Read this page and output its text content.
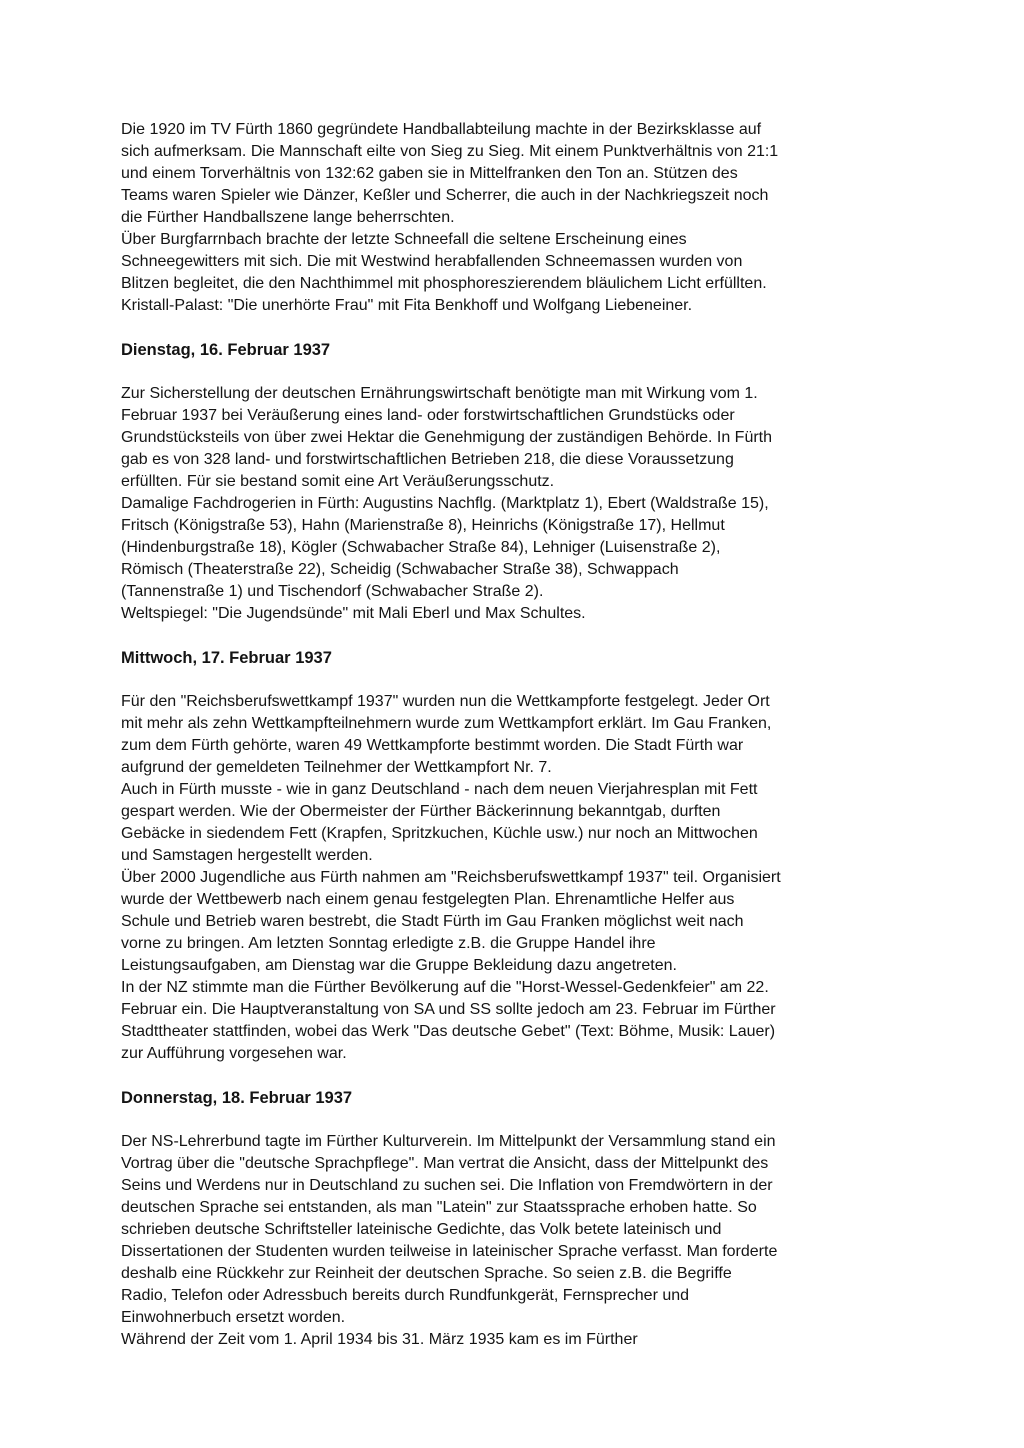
Die 1920 im TV Fürth 1860 gegründete Handballabteilung machte in der Bezirksklasse auf
sich aufmerksam. Die Mannschaft eilte von Sieg zu Sieg. Mit einem Punktverhältnis von 21:1
und einem Torverhältnis von 132:62 gaben sie in Mittelfranken den Ton an. Stützen des
Teams waren Spieler wie Dänzer, Keßler und Scherrer, die auch in der Nachkriegszeit noch
die Fürther Handballszene lange beherrschten.
Über Burgfarrnbach brachte der letzte Schneefall die seltene Erscheinung eines
Schneegewitters mit sich. Die mit Westwind herabfallenden Schneemassen wurden von
Blitzen begleitet, die den Nachthimmel mit phosphoreszierendem bläulichem Licht erfüllten.
Kristall-Palast: "Die unerhörte Frau" mit Fita Benkhoff und Wolfgang Liebeneiner.
Dienstag, 16. Februar 1937
Zur Sicherstellung der deutschen Ernährungswirtschaft benötigte man mit Wirkung vom 1.
Februar 1937 bei Veräußerung eines land- oder forstwirtschaftlichen Grundstücks oder
Grundstücksteils von über zwei Hektar die Genehmigung der zuständigen Behörde. In Fürth
gab es von 328 land- und forstwirtschaftlichen Betrieben 218, die diese Voraussetzung
erfüllten. Für sie bestand somit eine Art Veräußerungsschutz.
Damalige Fachdrogerien in Fürth: Augustins Nachflg. (Marktplatz 1), Ebert (Waldstraße 15),
Fritsch (Königstraße 53), Hahn (Marienstraße 8), Heinrichs (Königstraße 17), Hellmut
(Hindenburgstraße 18), Kögler (Schwabacher Straße 84), Lehniger (Luisenstraße 2),
Römisch (Theaterstraße 22), Scheidig (Schwabacher Straße 38), Schwappach
(Tannenstraße 1) und Tischendorf (Schwabacher Straße 2).
Weltspiegel: "Die Jugendsünde" mit Mali Eberl und Max Schultes.
Mittwoch, 17. Februar 1937
Für den "Reichsberufswettkampf 1937" wurden nun die Wettkampforte festgelegt. Jeder Ort
mit mehr als zehn Wettkampfteilnehmern wurde zum Wettkampfort erklärt. Im Gau Franken,
zum dem Fürth gehörte, waren 49 Wettkampforte bestimmt worden. Die Stadt Fürth war
aufgrund der gemeldeten Teilnehmer der Wettkampfort Nr. 7.
Auch in Fürth musste - wie in ganz Deutschland - nach dem neuen Vierjahresplan mit Fett
gespart werden. Wie der Obermeister der Fürther Bäckerinnung bekanntgab, durften
Gebäcke in siedendem Fett (Krapfen, Spritzkuchen, Küchle usw.) nur noch an Mittwochen
und Samstagen hergestellt werden.
Über 2000 Jugendliche aus Fürth nahmen am "Reichsberufswettkampf 1937" teil. Organisiert
wurde der Wettbewerb nach einem genau festgelegten Plan. Ehrenamtliche Helfer aus
Schule und Betrieb waren bestrebt, die Stadt Fürth im Gau Franken möglichst weit nach
vorne zu bringen. Am letzten Sonntag erledigte z.B. die Gruppe Handel ihre
Leistungsaufgaben, am Dienstag war die Gruppe Bekleidung dazu angetreten.
In der NZ stimmte man die Fürther Bevölkerung auf die "Horst-Wessel-Gedenkfeier" am 22.
Februar ein. Die Hauptveranstaltung von SA und SS sollte jedoch am 23. Februar im Fürther
Stadttheater stattfinden, wobei das Werk "Das deutsche Gebet" (Text: Böhme, Musik: Lauer)
zur Aufführung vorgesehen war.
Donnerstag, 18. Februar 1937
Der NS-Lehrerbund tagte im Fürther Kulturverein. Im Mittelpunkt der Versammlung stand ein
Vortrag über die "deutsche Sprachpflege". Man vertrat die Ansicht, dass der Mittelpunkt des
Seins und Werdens nur in Deutschland zu suchen sei. Die Inflation von Fremdwörtern in der
deutschen Sprache sei entstanden, als man "Latein" zur Staatssprache erhoben hatte. So
schrieben deutsche Schriftsteller lateinische Gedichte, das Volk betete lateinisch und
Dissertationen der Studenten wurden teilweise in lateinischer Sprache verfasst. Man forderte
deshalb eine Rückkehr zur Reinheit der deutschen Sprache. So seien z.B. die Begriffe
Radio, Telefon oder Adressbuch bereits durch Rundfunkgerät, Fernsprecher und
Einwohnerbuch ersetzt worden.
Während der Zeit vom 1. April 1934 bis 31. März 1935 kam es im Fürther
